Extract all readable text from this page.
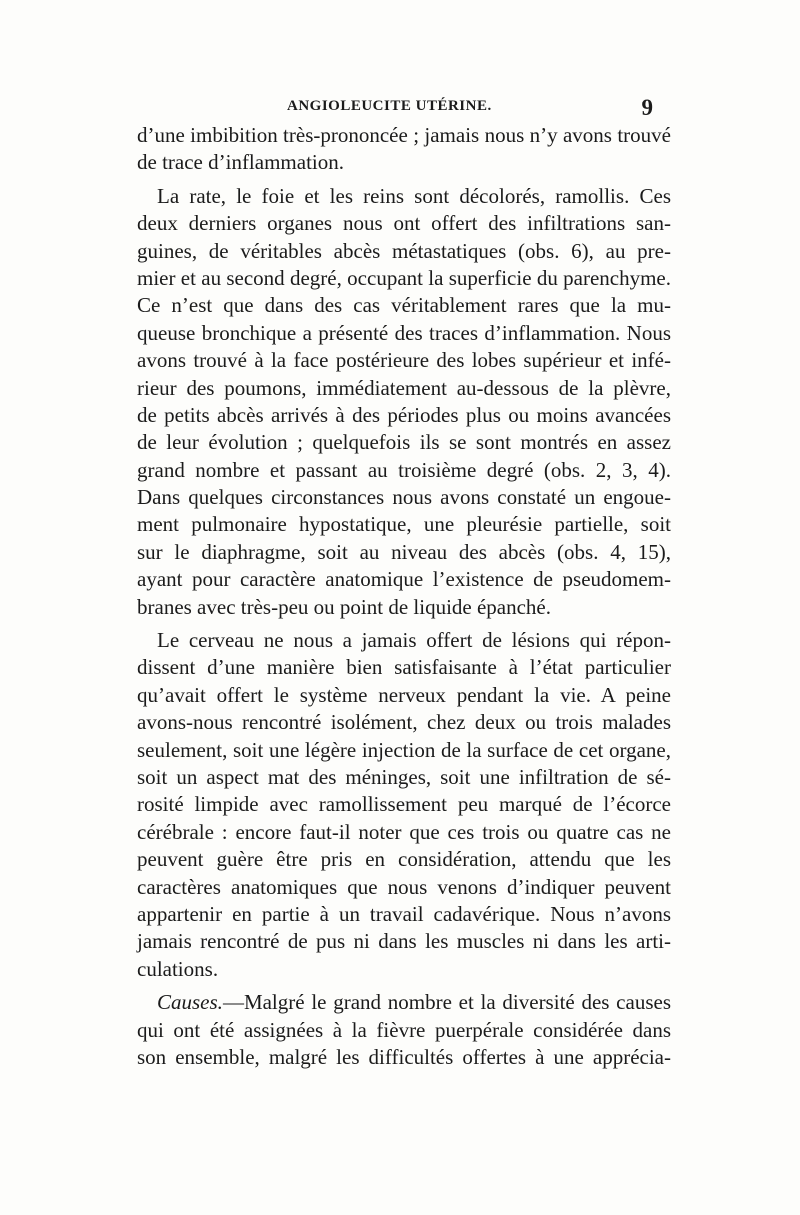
ANGIOLEUCITE UTÉRINE.	9
d’une imbibition très-prononcée ; jamais nous n’y avons trouvé
de trace d’inflammation.
La rate, le foie et les reins sont décolorés, ramollis. Ces
deux derniers organes nous ont offert des infiltrations san-
guines, de véritables abcès métastatiques (obs. 6), au pre-
mier et au second degré, occupant la superficie du parenchyme.
Ce n’est que dans des cas véritablement rares que la mu-
queuse bronchique a présenté des traces d’inflammation. Nous
avons trouvé à la face postérieure des lobes supérieur et infé-
rieur des poumons, immédiatement au-dessous de la plèvre,
de petits abcès arrivés à des périodes plus ou moins avancées
de leur évolution ; quelquefois ils se sont montrés en assez
grand nombre et passant au troisième degré (obs. 2, 3, 4).
Dans quelques circonstances nous avons constaté un engoue-
ment pulmonaire hypostatique, une pleurésie partielle, soit
sur le diaphragme, soit au niveau des abcès (obs. 4, 15),
ayant pour caractère anatomique l’existence de pseudomem-
branes avec très-peu ou point de liquide épanché.
Le cerveau ne nous a jamais offert de lésions qui répon-
dissent d’une manière bien satisfaisante à l’état particulier
qu’avait offert le système nerveux pendant la vie. A peine
avons-nous rencontré isolément, chez deux ou trois malades
seulement, soit une légère injection de la surface de cet organe,
soit un aspect mat des méninges, soit une infiltration de sé-
rosité limpide avec ramollissement peu marqué de l’écorce
cérébrale : encore faut-il noter que ces trois ou quatre cas ne
peuvent guère être pris en considération, attendu que les
caractères anatomiques que nous venons d’indiquer peuvent
appartenir en partie à un travail cadavérique. Nous n’avons
jamais rencontré de pus ni dans les muscles ni dans les arti-
culations.
Causes.—Malgré le grand nombre et la diversité des causes
qui ont été assignées à la fièvre puerpérale considérée dans
son ensemble, malgré les difficultés offertes à une apprécia-
